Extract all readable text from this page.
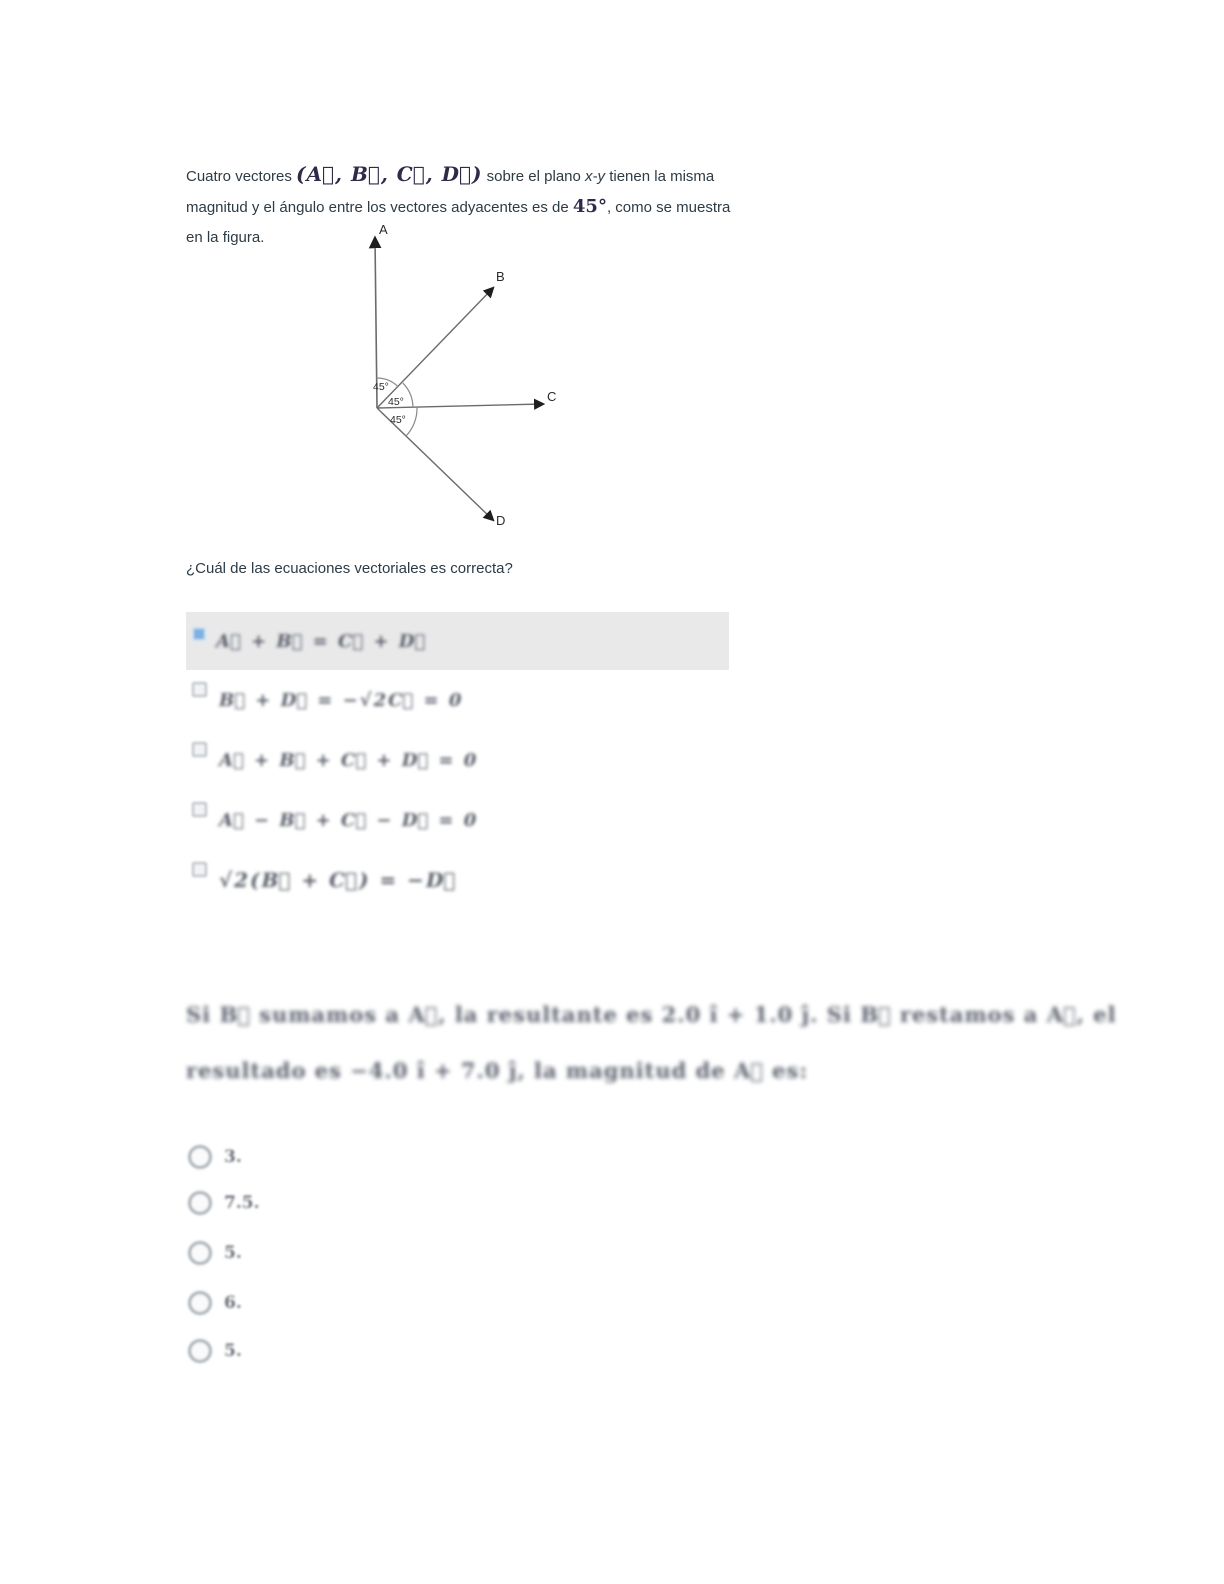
Cuatro vectores (A⃗, B⃗, C⃗, D⃗) sobre el plano x-y tienen la misma magnitud y el ángulo entre los vectores adyacentes es de 45°, como se muestra en la figura.	A
B
C
D
45°
45°
45°
¿Cuál de las ecuaciones vectoriales es correcta?
A⃗ + B⃗ = C⃗ + D⃗
B⃗ + D⃗ = −√2C⃗ = 0
A⃗ + B⃗ + C⃗ + D⃗ = 0
A⃗ − B⃗ + C⃗ − D⃗ = 0
√2(B⃗ + C⃗) = −D⃗
Si B⃗ sumamos a A⃗, la resultante es 2.0 î + 1.0 ĵ. Si B⃗ restamos a A⃗, el
resultado es −4.0 î + 7.0 ĵ, la magnitud de A⃗ es:
3.
7.5.
5.
6.
5.
